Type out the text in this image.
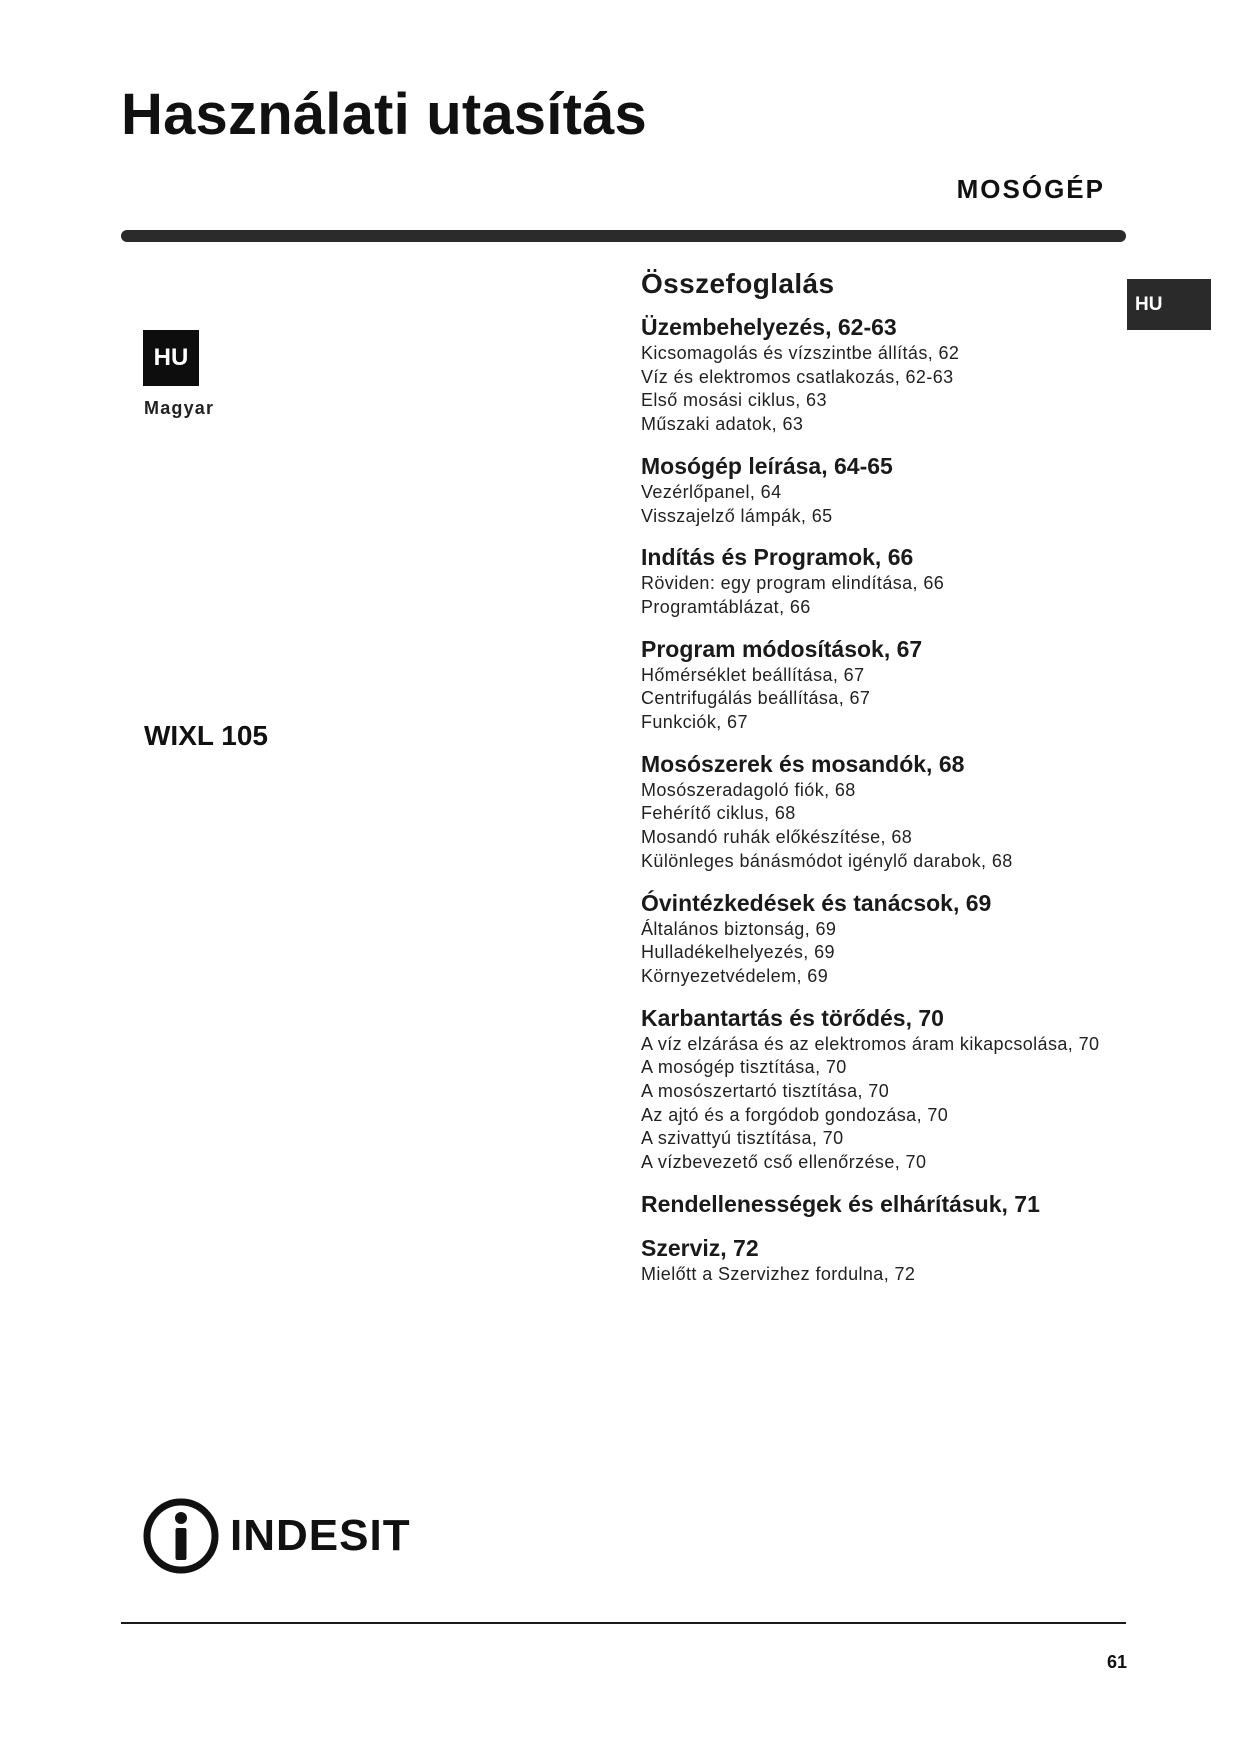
Használati utasítás
MOSÓGÉP
HU
HU
Magyar
WIXL 105
Összefoglalás
Üzembehelyezés, 62-63
Kicsomagolás és vízszintbe állítás, 62
Víz és elektromos csatlakozás, 62-63
Első mosási ciklus, 63
Műszaki adatok, 63
Mosógép leírása, 64-65
Vezérlőpanel, 64
Visszajelző lámpák, 65
Indítás és Programok, 66
Röviden: egy program elindítása, 66
Programtáblázat, 66
Program módosítások, 67
Hőmérséklet beállítása, 67
Centrifugálás beállítása, 67
Funkciók, 67
Mosószerek és mosandók, 68
Mosószeradagoló fiók, 68
Fehérítő ciklus, 68
Mosandó ruhák előkészítése, 68
Különleges bánásmódot igénylő darabok, 68
Óvintézkedések és tanácsok, 69
Általános biztonság, 69
Hulladékelhelyezés, 69
Környezetvédelem, 69
Karbantartás és törődés, 70
A víz elzárása és az elektromos áram kikapcsolása, 70
A mosógép tisztítása, 70
A mosószertartó tisztítása, 70
Az ajtó és a forgódob gondozása, 70
A szivattyú tisztítása, 70
A vízbevezető cső ellenőrzése, 70
Rendellenességek és elhárításuk, 71
Szerviz, 72
Mielőtt a Szervizhez fordulna, 72
INDESIT
61
